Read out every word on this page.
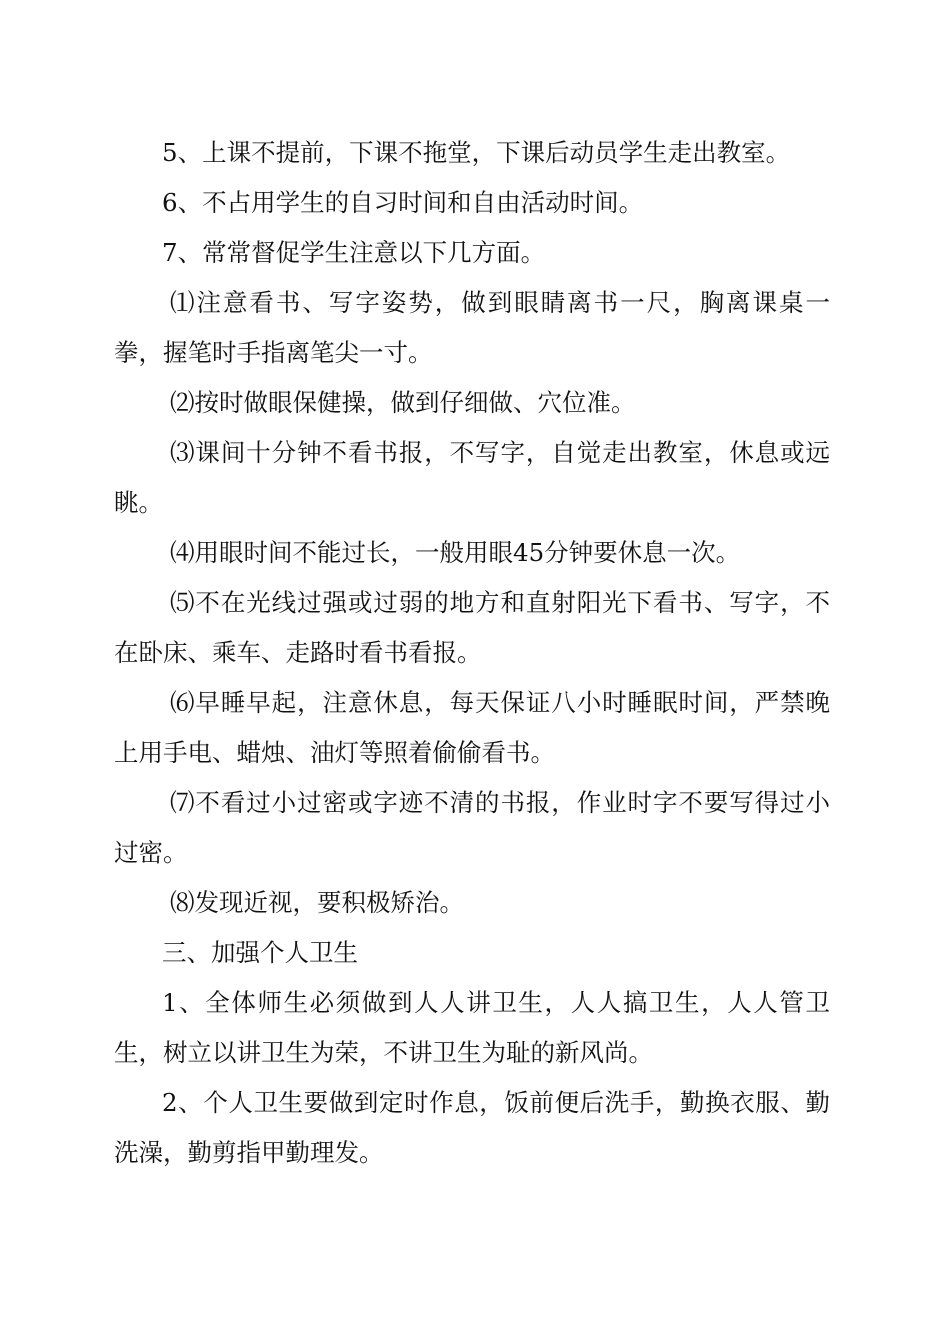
5、上课不提前，下课不拖堂，下课后动员学生走出教室。

6、不占用学生的自习时间和自由活动时间。

7、常常督促学生注意以下几方面。

⑴注意看书、写字姿势，做到眼睛离书一尺，胸离课桌一拳，握笔时手指离笔尖一寸。

⑵按时做眼保健操，做到仔细做、穴位准。

⑶课间十分钟不看书报，不写字，自觉走出教室，休息或远眺。

⑷用眼时间不能过长，一般用眼45分钟要休息一次。

⑸不在光线过强或过弱的地方和直射阳光下看书、写字，不在卧床、乘车、走路时看书看报。

⑹早睡早起，注意休息，每天保证八小时睡眠时间，严禁晚上用手电、蜡烛、油灯等照着偷偷看书。

⑺不看过小过密或字迹不清的书报，作业时字不要写得过小过密。

⑻发现近视，要积极矫治。

三、加强个人卫生

1、全体师生必须做到人人讲卫生，人人搞卫生，人人管卫生，树立以讲卫生为荣，不讲卫生为耻的新风尚。

2、个人卫生要做到定时作息，饭前便后洗手，勤换衣服、勤洗澡，勤剪指甲勤理发。
